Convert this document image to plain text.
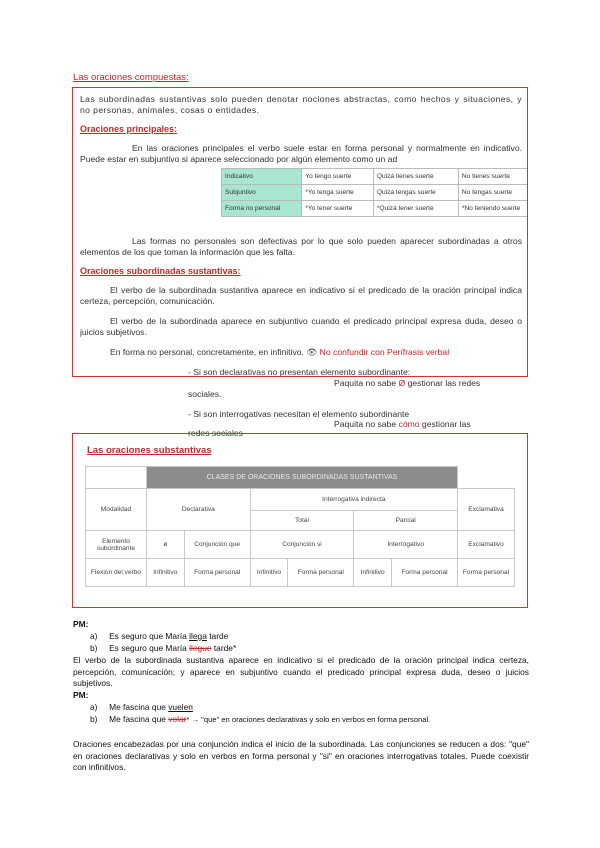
Las oraciones compuestas:
Las subordinadas sustantivas solo pueden denotar nociones abstractas, como hechos y situaciones, y no personas, animales, cosas o entidades.
Oraciones principales:
En las oraciones principales el verbo suele estar en forma personal y normalmente en indicativo. Puede estar en subjuntivo si aparece seleccionado por algún elemento como un ad
Indicativo	Yo tengo suerte	Quizá tienes suerte	No tienes suerte
Subjuntivo	*Yo tenga suerte	Quizá tengas suerte	No tengas suerte
Forma no personal	*Yo tener suerte	*Quizá tener suerte	*No teniendo suerte
Las formas no personales son defectivas por lo que solo pueden aparecer subordinadas a otros elementos de los que toman la información que les falta.
Oraciones subordinadas sustantivas:
El verbo de la subordinada sustantiva aparece en indicativo si el predicado de la oración principal indica certeza, percepción, comunicación.
El verbo de la subordinada aparece en subjuntivo cuando el predicado principal expresa duda, deseo o juicios subjetivos.
En forma no personal, concretamente, en infinitivo. 👁 No confundir con Perífrasis verbal
- Si son declarativas no presentan elemento subordinante:
Paquita no sabe Ø gestionar las redes
sociales.
- Si son interrogativas necesitan el elemento subordinante
Paquita no sabe cómo gestionar las
redes sociales
Las oraciones substantivas
	CLASES DE ORACIONES SUBORDINADAS SUSTANTIVAS						
Modalidad	Declarativa		Interrogativa indirecta				Exclamativa
			Total		Parcial		
Elemento subordinante	ø	Conjunción que	Conjunción si		Interrogativo		Exclamativo
Flexión del verbo	Infinitivo	Forma personal	Infinitivo	Forma personal	Infinitivo	Forma personal	Forma personal
PM:
a) Es seguro que María llega tarde
b) Es seguro que María llegue tarde*
El verbo de la subordinada sustantiva aparece en indicativo si el predicado de la oración principal indica certeza, percepción, comunicación; y aparece en subjuntivo cuando el predicado principal expresa duda, deseo o juicios subjetivos.
PM:
a) Me fascina que vuelen
b) Me fascina que volar* → "que" en oraciones declarativas y solo en verbos en forma personal.
Oraciones encabezadas por una conjunción indica el inicio de la subordinada. Las conjunciones se reducen a dos: "que" en oraciones declarativas y solo en verbos en forma personal y "si" en oraciones interrogativas totales. Puede coexistir con infinitivos.
